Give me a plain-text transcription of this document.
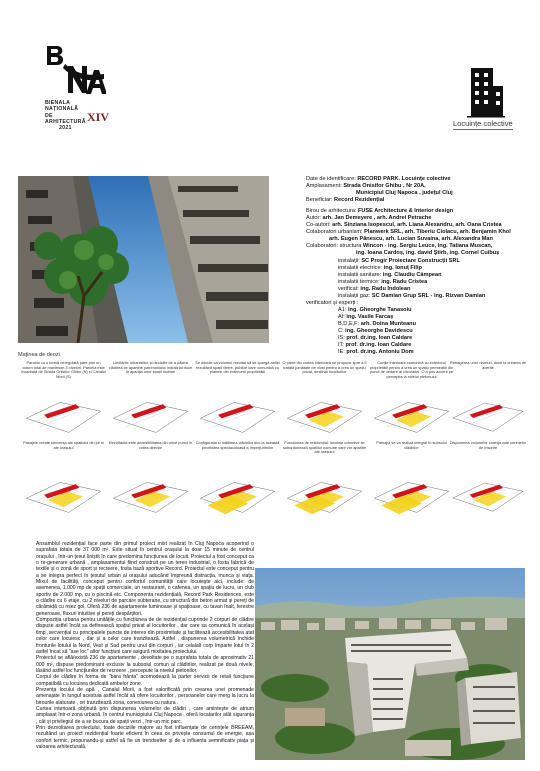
BIENALA
NAȚIONALĂ
DE
ARHITECTURĂ
2021
XIV	Locuințe colective
Maținea de deozi

Date de identificare: RECORD PARK. Locuințe colective

Amplasament: Strada Onisifor Ghibu , Nr 20A,

Municipiul Cluj Napoca , județul Cluj

Beneficiar: Record Rezidențial

Birou de arhitectura: FUSE Architecture & Interior design

Autor: arh. Jan Demeyere , arh. Andrei Petrache

Co-autori: arh. Sinziana Isopescul, arh. Liana Alexandru, arh. Oana Cristea

Colaboratori urbanism: Planwerk SRL, arh. Tiberiu Ciolacu, arh. Benjamin Khol

arh. Eugen Pănescu, arh. Lucian Suvaina, arh. Alexandra Man

Colaboratori: structura Wincon - ing. Sergiu Leuce, ing. Tatiana Muscan,

ing. Ioana Cardoș, ing. david Știrb, ing. Cornel Cuibuș

instalații: SC Progir Proiectare Construcții SRL

instalatii electrice: ing. Ionuț Filip

instalatii sanitare: ing. Claudiu Câmpean

instalatii termice: ing. Radu Cristea

verificat: ing. Radu Indolean

instalații gaz: SC Damian Grup SRL - ing. Rizvan Damian

verificatori și experți :

A1: ing. Gheorghe Tanasoiu

Af: ing. Vasile Farcaș

B,D,E,F: arh. Doina Munteanu

C: ing. Gheorghe Davidescu

IS: prof. dr.ing. Ioan Caldare

IT: prof. dr.ing. Ioan Caldare

IE: prof. dr.ing. Antoniu Dom

Parcela cu o formă neregulată pare prin un volum total de maximum 3 niveluri. Parcela este încadrată de Strada Onisifor Ghibu (N) și Canalul Morii (S)
Limitările urbanistice și deciziile de a păstra clădirea ce aparține patrimoniului industrial duce la apariția unor spații închise
Se decide ca volumul rezultat să se spargă astfel rezultând spații libere, publice care comunică cu planele din exteriorul proprietății
O parte din curtea interioară se propune spre a fi tratată jumătate de nivel pentru a crea un spațiu privat, destinat locuitorilor
Curțile interioare comunică cu exteriorul proprietății pentru a crea un spațiu permeabil din punct de vedere al circulației. O a pus accent pe percepția la nivelul pietonului
Retragerea unor niveluri, duce la crearea de acerite
Pasajele create secvența ale spațiului din jur și ale orașului
Rezultanta este accesibilitatea din orice punct în cotea direcție
Configurația și înălțimea clădirilor duc la aceastǎ priveliștea spectaculoasă a împrejurimilor
Funcțiunea de rezidențial: locuințe colective se subordonează spațiilor comune care vor apariție ale orașului
Parcajul se va realiza integral în subsolul clădirilor
Dispunerea volumelor corespunde cerințelor de însorire

Ansamblul rezidențial face parte din primul proiect mixt realizat în Cluj Napoca acoperind o suprafata totala de 37 000 m². Este situat în centrul orașului la doar 15 minute de centrul orașului , într-un țesut liniștit în care predomina funcțiunea de locuit. Proiectul a fost conceput ca o re-generare urbană , amplasamentul fiind construit pe un teren industrial, o fosta fabrică de textile și o zonă de sport și recreere, fosta bază sportive Record. Proiectul este conceput pentru a se integra perfect în țesutul urban al orașului aducând împreună distracția, munca și viața. Mixul de facilități, conceput pentru confortul comunității care locuiește aici, include: de asemenea, 1.000 mp de spații comerciale, un restaurant, o cafenea, un spațiu de lucru, un club sportiv de 2.000 mp, cu o piscină etc. Componenta rezidențială, Record Park Residences, este o clădire cu 6 etaje, cu 2 niveluri de parcare subterane, cu structură din beton armat și pereți de cărămidă cu miez gol. Oferă 236 de apartamente luminoase și spațioase, cu tavan înalt, ferestre generoase, fluxuri intuitive și pereți despărțitori.

Compoziția urbana pentru unitățile cu funcțiunea de de rezidențial cuprinde 2 corpuri de clădire dispuse astfel încât sa definească spațiul privat al locuitorilor , dar care sa comunică în același timp ,secvențial cu principalele puncte de interes din proximitate și facilitează accesibilitatea atat celor care locuiesc , dar și a celor care tranzitează. Astfel , dispunerea volumetrică închide fronturile lotului la Nord, Vest și Sud pentru unul din corpuri , iar celalalt corp împarte lotul în 2 astfel încat să "ase loc" altor funcțiuni care asigură mixitatea proiectului.

Proiectul se află/există 236 de apartamente , devoltate pe o suprafata totala de aproximativ 21 000 m², dispuse predominant exclusiv la subsolul comun al clădirilor, realizat pe două nivele, lăsând astfel loc funcțiunilor de recreere , percepute la nivelul pietonilor.

Corpul de clădire în forma de "bara frânta" acomodează la parter servicii de retail funcțiune compatibilă cu locuirea dedicată ambelor zone.

Prezența locului de apă , Canalul Morii, a fost valorificată prin crearea unei promenade amenajate în lungul acestuia astfel încât să ofere locuitorilor , persoanelor care merg la lucru la birourile alaturate , ori tranzitează zona, conexiunea cu natura .

Curtea interioară obținută prin dispunerea volumelor de clădiri , care amintește de atrium amplasat într-o zona urbană, în centrul municipiului Cluj Napoca , oferă locatarilor atât siguranța , cât și privilegiul de a se bucura de spații verzi , într-un mic parc.

Prin dezvoltarea proiectului, toate deciziile majore au fost influențate de cerințele BREEAM, rezultând un proiect rezidențial foarte eficient în ceea ce privește consumul de energie, așa confort termic, propunandu-și astfel să fie un trendsetter și de a influenta semnificativ piața și valoarea arhitecturală.
